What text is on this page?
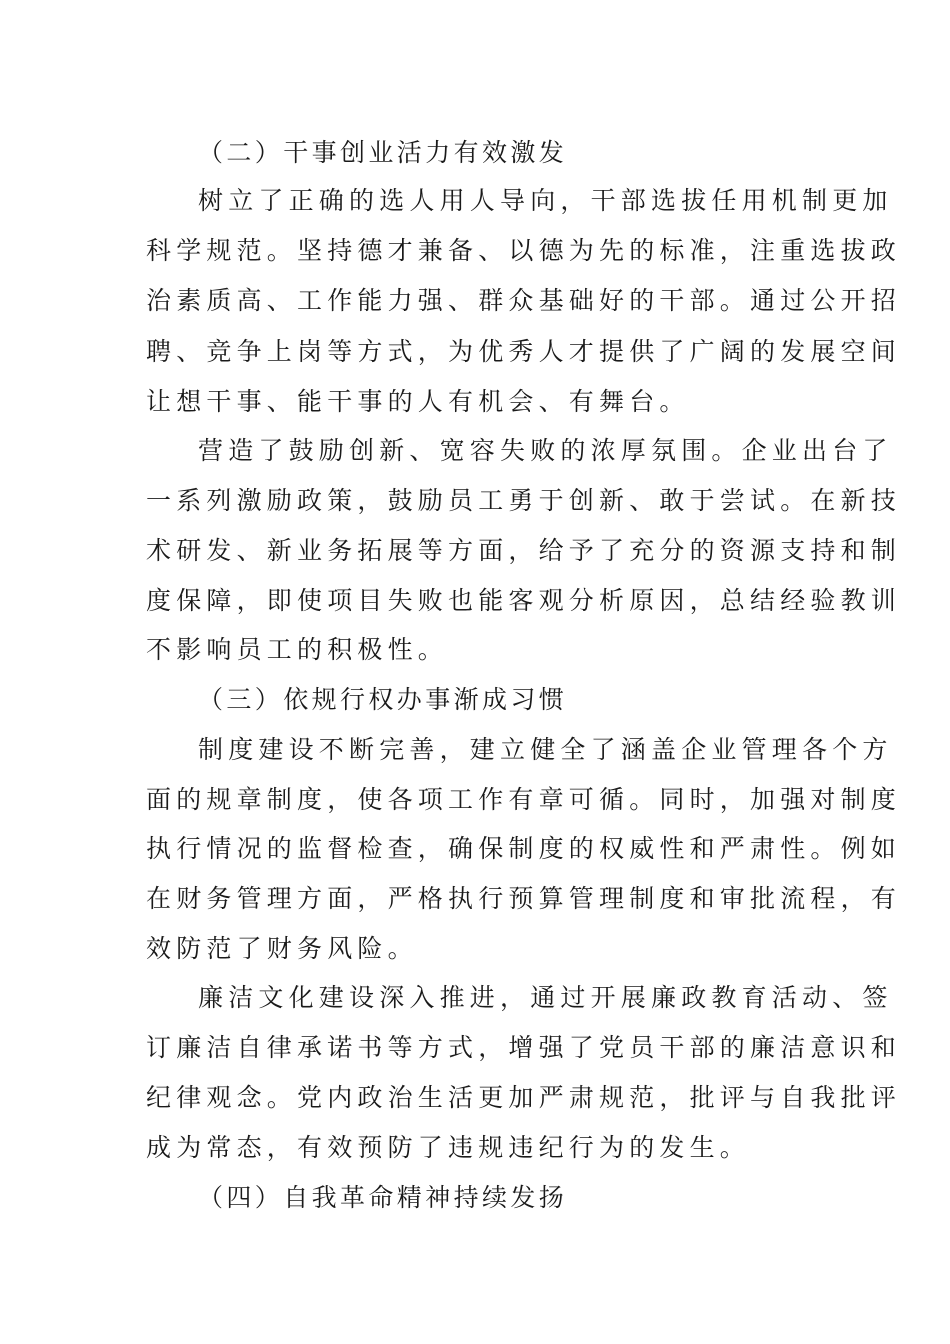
（二）干事创业活力有效激发

树立了正确的选人用人导向，干部选拔任用机制更加

科学规范。坚持德才兼备、以德为先的标准，注重选拔政

治素质高、工作能力强、群众基础好的干部。通过公开招

聘、竞争上岗等方式，为优秀人才提供了广阔的发展空间

让想干事、能干事的人有机会、有舞台。

营造了鼓励创新、宽容失败的浓厚氛围。企业出台了

一系列激励政策，鼓励员工勇于创新、敢于尝试。在新技

术研发、新业务拓展等方面，给予了充分的资源支持和制

度保障，即使项目失败也能客观分析原因，总结经验教训

不影响员工的积极性。

（三）依规行权办事渐成习惯

制度建设不断完善，建立健全了涵盖企业管理各个方

面的规章制度，使各项工作有章可循。同时，加强对制度

执行情况的监督检查，确保制度的权威性和严肃性。例如

在财务管理方面，严格执行预算管理制度和审批流程，有

效防范了财务风险。

廉洁文化建设深入推进，通过开展廉政教育活动、签

订廉洁自律承诺书等方式，增强了党员干部的廉洁意识和

纪律观念。党内政治生活更加严肃规范，批评与自我批评

成为常态，有效预防了违规违纪行为的发生。

（四）自我革命精神持续发扬
